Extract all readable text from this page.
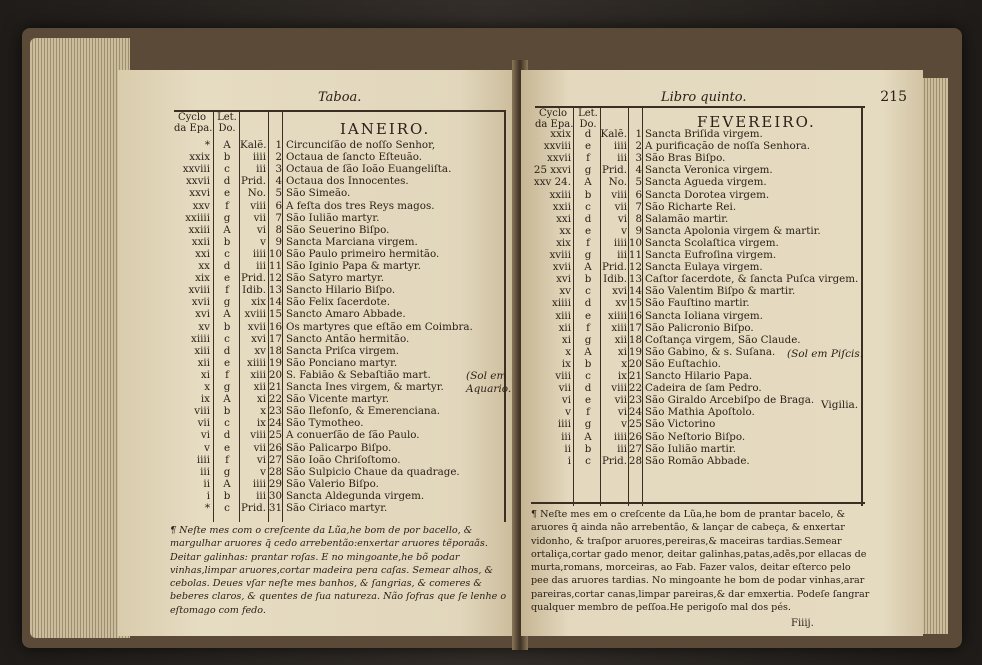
Taboa.
Cyclo
da Epa.
Let.
Do.	IANEIRO.
*	A Kalẽ. 1 Circunciſão de noſſo Senhor,
xxix	b	iiii 2 Octaua de ſancto Eſteuão.
xxviii	c	iii 3 Octaua de ſão Ioão Euangeliſta.
xxvii	d	Prid. 4 Octaua dos Innocentes.
xxvi	e	No. 5 São Simeão.
xxv	f	viii 6 A feſta dos tres Reys magos.
xxiiii	g	vii 7 São Iulião martyr.
xxiii	A	vi 8 São Seuerino Biſpo.
xxii	b	v 9 Sancta Marciana virgem.
xxi	c	iiii 10 São Paulo primeiro hermitão.
xx	d	iii 11 São Iginio Papa & martyr.
xix	e	Prid. 12 São Satyro martyr.
xviii	f	Idib. 13 Sancto Hilario Biſpo.
xvii	g	xix 14 São Felix ſacerdote.
xvi	A	xviii 15 Sancto Amaro Abbade.
xv	b	xvii 16 Os martyres que eſtão em Coimbra.
xiiii	c	xvi 17 Sancto Antão hermitão.
xiii	d	xv 18 Sancta Priſca virgem.
xii	e	xiiii 19 São Ponciano martyr.
xi	f	xiii 20 S. Fabião & Sebaſtião mart.
x	g	xii 21 Sancta Ines virgem, & martyr.
ix	A	xi 22 São Vicente martyr.
viii	b	x 23 São Ilefonſo, & Emerenciana.
vii	c	ix 24 São Tymotheo.
vi	d	viii 25 A conuerſão de ſão Paulo.
v	e	vii 26 São Palicarpo Biſpo.
iiii	f	vi 27 São Ioão Chriſoſtomo.
iii	g	v 28 São Sulpicio Chaue da quadrage.
ii	A	iiii 29 São Valerio Biſpo.
i	b	iii 30 Sancta Aldegunda virgem.
*	c	Prid. 31 São Ciriaco martyr.
(Sol em
Aquario.
¶ Neſte mes com o creſcente da Lũa,he bom de por bacello, & margulhar aruores q̃ cedo arrebentão:enxertar aruores tẽporaãs. Deitar galinhas: prantar roſas. E no mingoante,he bõ podar vinhas,limpar aruores,cortar madeira pera caſas. Semear alhos, & cebolas. Deues vſar neſte mes banhos, & ſangrias, & comeres & beberes claros, & quentes de ſua natureza. Não ſofras que ſe lenhe o eſtomago com fedo.
Libro quinto.	215
Cyclo
da Epa.
Let.
Do.	FEVEREIRO.
xxix	d Kalẽ. 1 Sancta Briſida virgem.
xxviii	e	iiii 2 A purificação de noſſa Senhora.
xxvii	f	iii 3 São Bras Biſpo.
25 xxvi	g	Prid. 4 Sancta Veronica virgem.
xxv 24.	A	No. 5 Sancta Agueda virgem.
xxiii	b	viii 6 Sancta Dorotea virgem.
xxii	c	vii 7 São Richarte Rei.
xxi	d	vi 8 Salamão martir.
xx	e	v 9 Sancta Apolonia virgem & martir.
xix	f	iiii 10 Sancta Scolaſtica virgem.
xviii	g	iii 11 Sancta Eufroſina virgem.
xvii	A Prid. 12 Sancta Eulaya virgem.
xvi	b	Idib. 13 Caſtor ſacerdote, & ſancta Puſca virgem.
xv	c	xvi 14 São Valentim Biſpo & martir.
xiiii	d	xv 15 São Fauſtino martir.
xiii	e	xiiii 16 Sancta Ioliana virgem.
xii	f	xiii 17 São Palicronio Biſpo.
xi	g	xii 18 Coſtança virgem, São Claude.
x	A	xi 19 São Gabino, & s. Suſana.
ix	b	x 20 São Euſtachio.
viii	c	ix 21 Sancto Hilario Papa.
vii	d	viii 22 Cadeira de ſam Pedro.
vi	e	vii 23 São Giraldo Arcebiſpo de Braga.
v	f	vi 24 São Mathia Apoſtolo.
iiii	g	v 25 São Victorino
iii	A	iiii 26 São Neſtorio Biſpo.
ii	b	iii 27 São Iulião martir.
i	c	Prid. 28 São Romão Abbade.
(Sol em Piſcis.
Vigilia.
¶ Neſte mes em o creſcente da Lũa,he bom de prantar bacelo, & aruores q̃ ainda não arrebentão, & lançar de cabeça, & enxertar vidonho, & traſpor aruores,pereiras,& maceiras tardias.Semear ortaliça,cortar gado menor, deitar galinhas,patas,adẽs,por ellacas de murta,romans, morceiras, ao Fab. Fazer valos, deitar eſterco pelo pee das aruores tardias. No mingoante he bom de podar vinhas,arar pareiras,cortar canas,limpar pareiras,& dar emxertia. Podeſe ſangrar qualquer membro de peſſoa.He perigoſo mal dos pés.
Fiiij.
